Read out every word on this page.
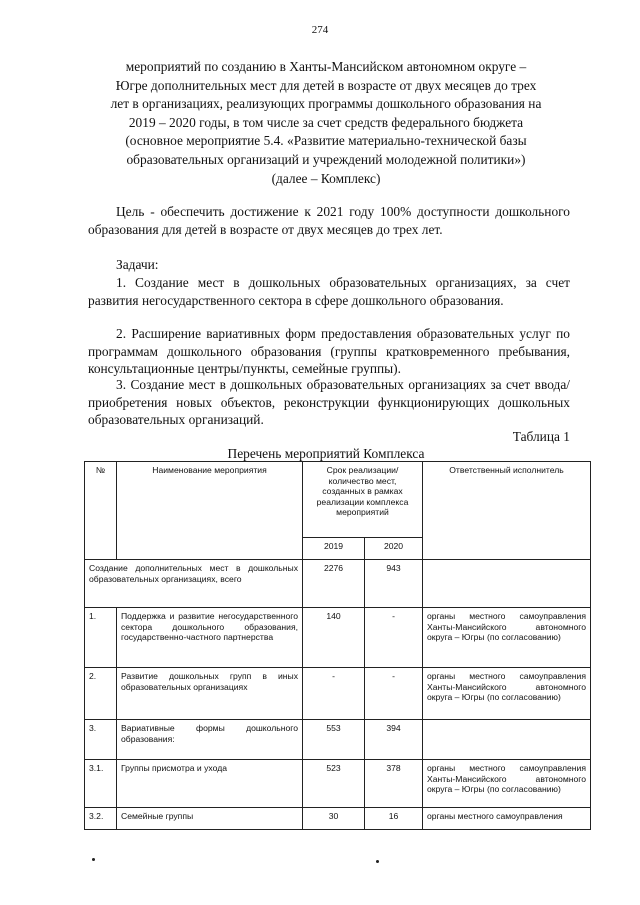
274
мероприятий по созданию в Ханты-Мансийском автономном округе –
Югре дополнительных мест для детей в возрасте от двух месяцев до трех
лет в организациях, реализующих программы дошкольного образования на
2019 – 2020 годы, в том числе за счет средств федерального бюджета
(основное мероприятие 5.4. «Развитие материально-технической базы
образовательных организаций и учреждений молодежной политики»)
(далее – Комплекс)
Цель - обеспечить достижение к 2021 году 100% доступности дошкольного образования для детей в возрасте от двух месяцев до трех лет.
Задачи:
1. Создание мест в дошкольных образовательных организациях, за счет развития негосударственного сектора в сфере дошкольного образования.
2. Расширение вариативных форм предоставления образовательных услуг по программам дошкольного образования (группы кратковременного пребывания, консультационные центры/пункты, семейные группы).
3. Создание мест в дошкольных образовательных организациях за счет ввода/приобретения новых объектов, реконструкции функционирующих дошкольных образовательных организаций.
Таблица 1
Перечень мероприятий Комплекса
№	Наименование мероприятия	Срок реализации/количество мест, созданных в рамках реализации комплекса мероприятий		Ответственный исполнитель
		2019	2020	
Создание дополнительных мест в дошкольных образовательных организациях, всего		2276	943	
1.	Поддержка и развитие негосударственного сектора дошкольного образования, государственно-частного партнерства	140	-	органы местного самоуправления Ханты-Мансийского автономного округа – Югры (по согласованию)
2.	Развитие дошкольных групп в иных образовательных организациях	-	-	органы местного самоуправления Ханты-Мансийского автономного округа – Югры (по согласованию)
3.	Вариативные формы дошкольного образования:	553	394	
3.1.	Группы присмотра и ухода	523	378	органы местного самоуправления Ханты-Мансийского автономного округа – Югры (по согласованию)
3.2.	Семейные группы	30	16	органы местного самоуправления
